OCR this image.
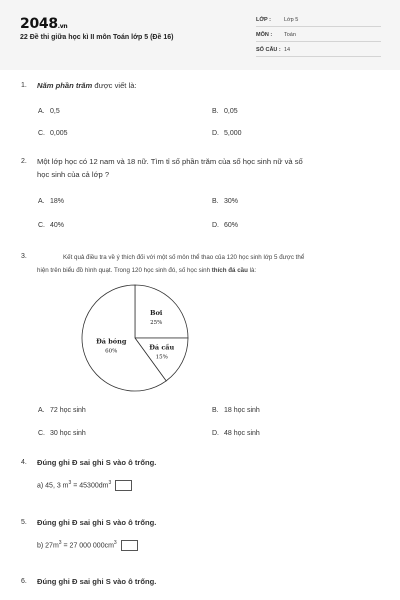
2048.vn
22 Đề thi giữa học kì II môn Toán lớp 5 (Đề 16)
LỚP : Lớp 5
MÔN : Toán
SỐ CÂU : 14
1. Năm phần trăm được viết là:
A. 0,5	B. 0,05
C. 0,005	D. 5,000
2. Một lớp học có 12 nam và 18 nữ. Tìm tỉ số phần trăm của số học sinh nữ và số
học sinh của cả lớp ?
A. 18%	B. 30%
C. 40%	D. 60%
3.	Kết quả điều tra về ý thích đối với một số môn thể thao của 120 học sinh lớp 5 được thể
hiện trên biểu đồ hình quạt. Trong 120 học sinh đó, số học sinh thích đá cầu là:
Bơi
25%
Đá cầu
15%
Đá bóng
60%
A. 72 học sinh	B. 18 học sinh
C. 30 học sinh	D. 48 học sinh
4. Đúng ghi Đ sai ghi S vào ô trống.
a) 45, 3 $m^3 = 45300dm^3$
5. Đúng ghi Đ sai ghi S vào ô trống.
b) $27m^3 = 27$ 000 $000cm^3$
6. Đúng ghi Đ sai ghi S vào ô trống.
